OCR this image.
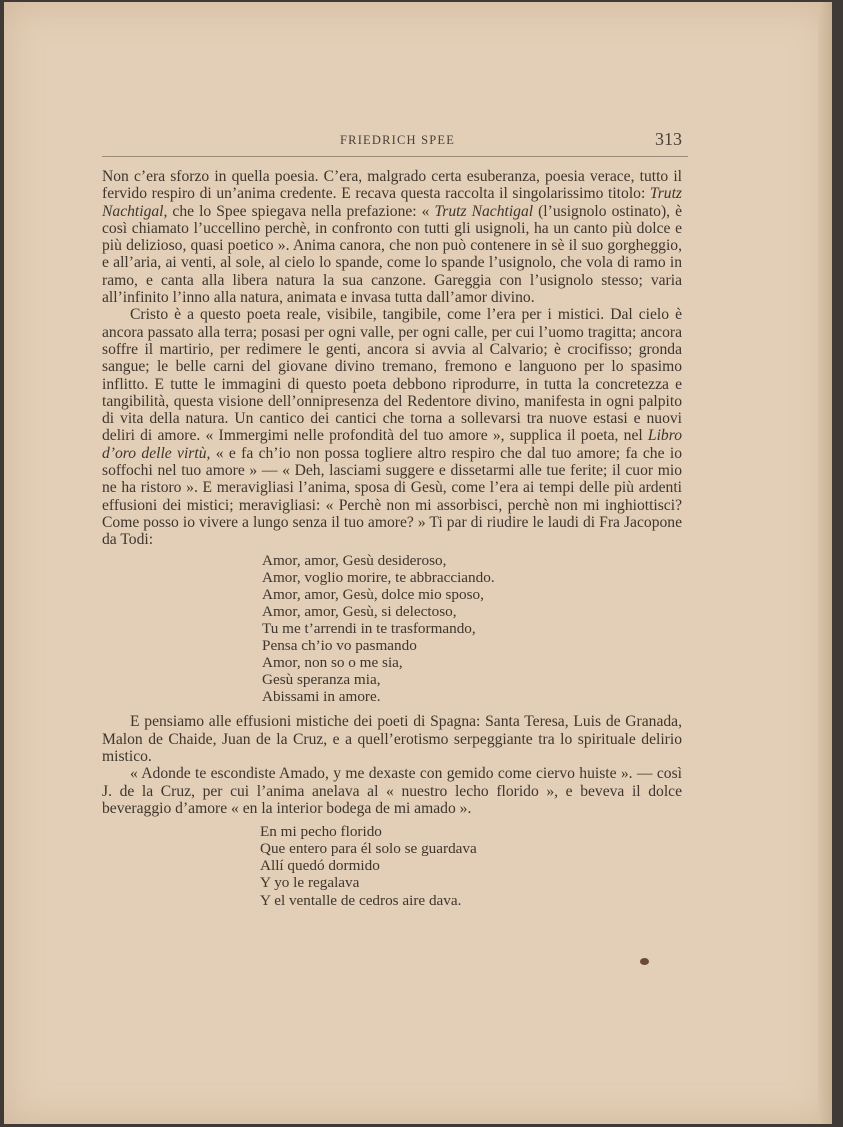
FRIEDRICH SPEE	313

Non c’era sforzo in quella poesia. C’era, malgrado certa esuberanza, poesia verace, tutto il fervido respiro di un’anima credente. E recava questa raccolta il singolarissimo titolo: Trutz Nachtigal, che lo Spee spiegava nella prefazione: « Trutz Nachtigal (l’usignolo ostinato), è così chiamato l’uccellino perchè, in confronto con tutti gli usignoli, ha un canto più dolce e più delizioso, quasi poetico ». Anima canora, che non può contenere in sè il suo gorgheggio, e all’aria, ai venti, al sole, al cielo lo spande, come lo spande l’usignolo, che vola di ramo in ramo, e canta alla libera natura la sua canzone. Gareggia con l’usignolo stesso; varia all’infinito l’inno alla natura, animata e invasa tutta dall’amor divino.

Cristo è a questo poeta reale, visibile, tangibile, come l’era per i mistici. Dal cielo è ancora passato alla terra; posasi per ogni valle, per ogni calle, per cui l’uomo tragitta; ancora soffre il martirio, per redimere le genti, ancora si avvia al Calvario; è crocifisso; gronda sangue; le belle carni del giovane divino tremano, fremono e languono per lo spasimo inflitto. E tutte le immagini di questo poeta debbono riprodurre, in tutta la concretezza e tangibilità, questa visione dell’onnipresenza del Redentore divino, manifesta in ogni palpito di vita della natura. Un cantico dei cantici che torna a sollevarsi tra nuove estasi e nuovi deliri di amore. « Immergimi nelle profondità del tuo amore », supplica il poeta, nel Libro d’oro delle virtù, « e fa ch’io non possa togliere altro respiro che dal tuo amore; fa che io soffochi nel tuo amore » — « Deh, lasciami suggere e dissetarmi alle tue ferite; il cuor mio ne ha ristoro ». E meravigliasi l’anima, sposa di Gesù, come l’era ai tempi delle più ardenti effusioni dei mistici; meravigliasi: « Perchè non mi assorbisci, perchè non mi inghiottisci? Come posso io vivere a lungo senza il tuo amore? » Ti par di riudire le laudi di Fra Jacopone da Todi:

Amor, amor, Gesù desideroso,
Amor, voglio morire, te abbracciando.
Amor, amor, Gesù, dolce mio sposo,
Amor, amor, Gesù, si delectoso,
Tu me t’arrendi in te trasformando,
Pensa ch’io vo pasmando
Amor, non so o me sia,
Gesù speranza mia,
Abissami in amore.

E pensiamo alle effusioni mistiche dei poeti di Spagna: Santa Teresa, Luis de Granada, Malon de Chaide, Juan de la Cruz, e a quell’erotismo serpeggiante tra lo spirituale delirio mistico.

« Adonde te escondiste Amado, y me dexaste con gemido come ciervo huiste ». — così J. de la Cruz, per cui l’anima anelava al « nuestro lecho florido », e beveva il dolce beveraggio d’amore « en la interior bodega de mi amado ».

En mi pecho florido
Que entero para él solo se guardava
Allí quedó dormido
Y yo le regalava
Y el ventalle de cedros aire dava.
